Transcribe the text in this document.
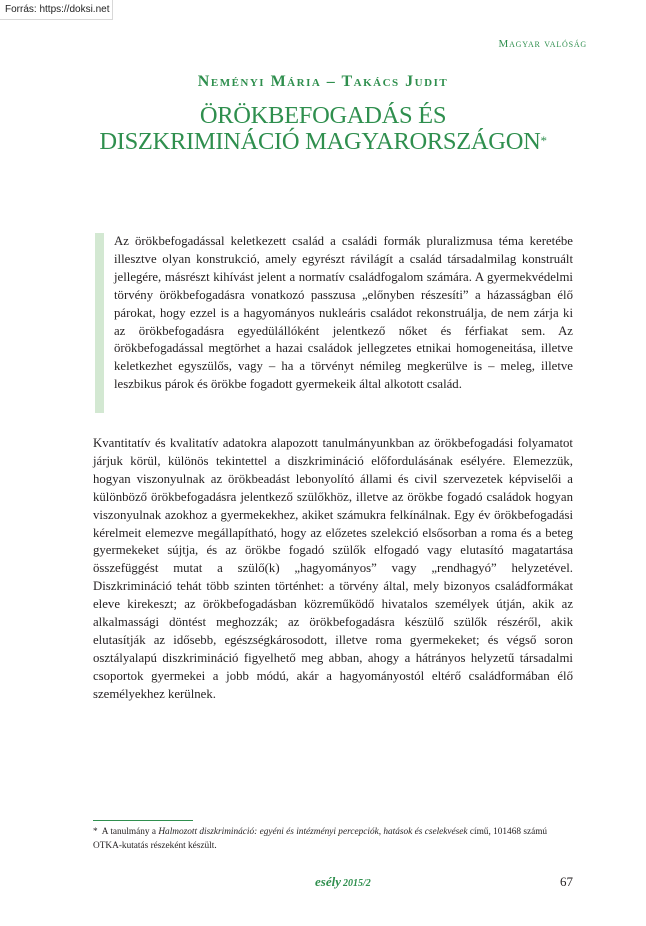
Forrás: https://doksi.net
Magyar valóság
Neményi Mária – Takács Judit
ÖRÖKBEFOGADÁS ÉS
DISZKRIMINÁCIÓ MAGYARORSZÁGON*
Az örökbefogadással keletkezett család a családi formák pluralizmusa téma keretébe illesztve olyan konstrukció, amely egyrészt rávilágít a család társadalmilag konstruált jellegére, másrészt kihívást jelent a normatív családfogalom számára. A gyermekvédelmi törvény örökbefogadásra vonatkozó passzusa „előnyben részesíti” a házasságban élő párokat, hogy ezzel is a hagyományos nukleáris családot rekonstruálja, de nem zárja ki az örökbefogadásra egyedülállóként jelentkező nőket és férfiakat sem. Az örökbefogadással megtörhet a hazai családok jellegzetes etnikai homogeneitása, illetve keletkezhet egyszülős, vagy – ha a törvényt némileg megkerülve is – meleg, illetve leszbikus párok és örökbe fogadott gyermekeik által alkotott család.
Kvantitatív és kvalitatív adatokra alapozott tanulmányunkban az örökbefogadási folyamatot járjuk körül, különös tekintettel a diszkrimináció előfordulásának esélyére. Elemezzük, hogyan viszonyulnak az örökbeadást lebonyolító állami és civil szervezetek képviselői a különböző örökbefogadásra jelentkező szülőkhöz, illetve az örökbe fogadó családok hogyan viszonyulnak azokhoz a gyermekekhez, akiket számukra felkínálnak. Egy év örökbefogadási kérelmeit elemezve megállapítható, hogy az előzetes szelekció elsősorban a roma és a beteg gyermekeket sújtja, és az örökbe fogadó szülők elfogadó vagy elutasító magatartása összefüggést mutat a szülő(k) „hagyományos” vagy „rendhagyó” helyzetével. Diszkrimináció tehát több szinten történhet: a törvény által, mely bizonyos családformákat eleve kirekeszt; az örökbefogadásban közreműködő hivatalos személyek útján, akik az alkalmassági döntést meghozzák; az örökbefogadásra készülő szülők részéről, akik elutasítják az idősebb, egészségkárosodott, illetve roma gyermekeket; és végső soron osztályalapú diszkrimináció figyelhető meg abban, ahogy a hátrányos helyzetű társadalmi csoportok gyermekei a jobb módú, akár a hagyományostól eltérő családformában élő személyekhez kerülnek.
* A tanulmány a Halmozott diszkrimináció: egyéni és intézményi percepciók, hatások és cselekvések című, 101468 számú OTKA-kutatás részeként készült.
esély 2015/2	67
